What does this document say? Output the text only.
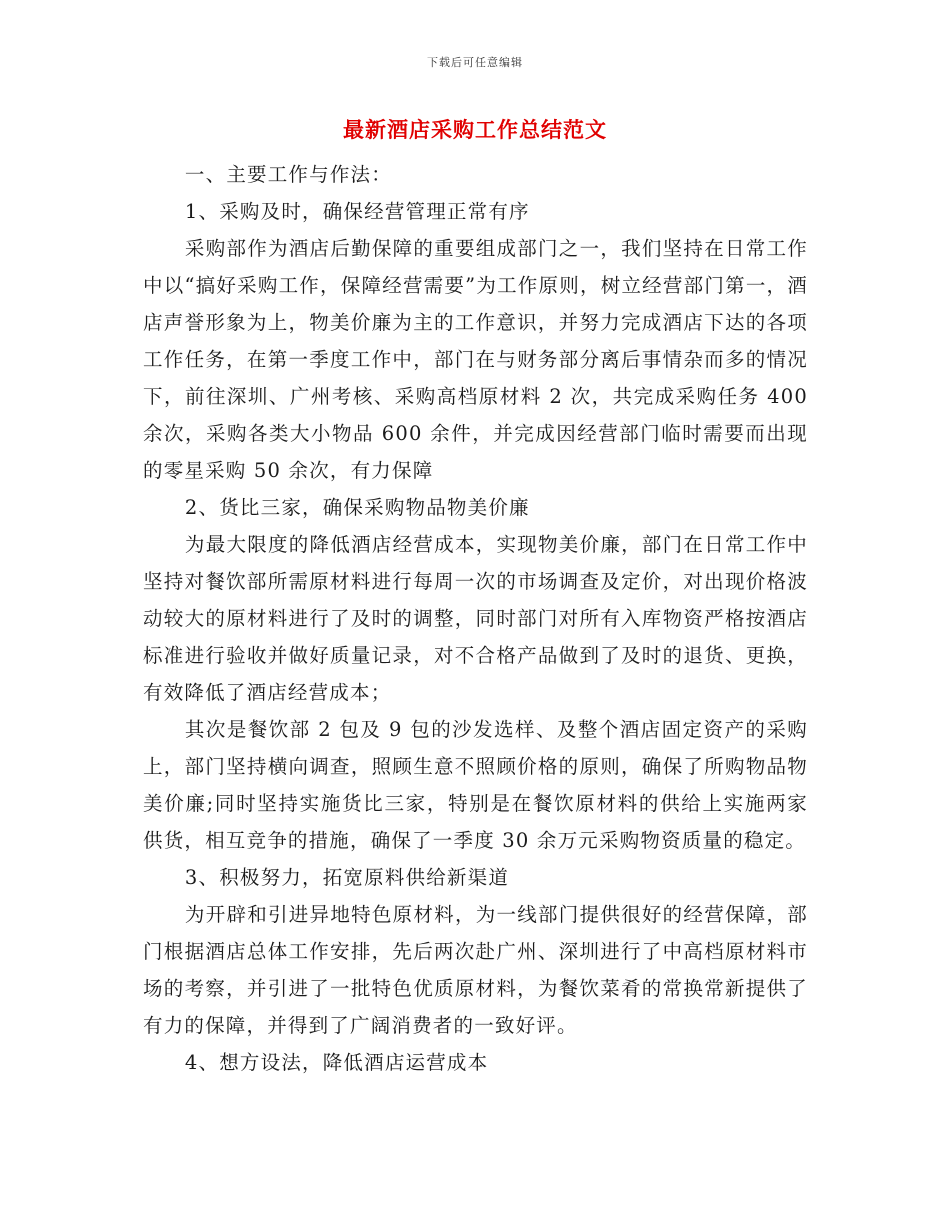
下载后可任意编辑
最新酒店采购工作总结范文

一、主要工作与作法：

1、采购及时，确保经营管理正常有序

采购部作为酒店后勤保障的重要组成部门之一，我们坚持在日常工作中以“搞好采购工作，保障经营需要”为工作原则，树立经营部门第一，酒店声誉形象为上，物美价廉为主的工作意识，并努力完成酒店下达的各项工作任务，在第一季度工作中，部门在与财务部分离后事情杂而多的情况下，前往深圳、广州考核、采购高档原材料 2 次，共完成采购任务 400 余次，采购各类大小物品 600 余件，并完成因经营部门临时需要而出现的零星采购 50 余次，有力保障

2、货比三家，确保采购物品物美价廉

为最大限度的降低酒店经营成本，实现物美价廉，部门在日常工作中坚持对餐饮部所需原材料进行每周一次的市场调查及定价，对出现价格波动较大的原材料进行了及时的调整，同时部门对所有入库物资严格按酒店标准进行验收并做好质量记录，对不合格产品做到了及时的退货、更换，有效降低了酒店经营成本；

其次是餐饮部 2 包及 9 包的沙发选样、及整个酒店固定资产的采购上，部门坚持横向调查，照顾生意不照顾价格的原则，确保了所购物品物美价廉;同时坚持实施货比三家，特别是在餐饮原材料的供给上实施两家供货，相互竞争的措施，确保了一季度 30 余万元采购物资质量的稳定。

3、积极努力，拓宽原料供给新渠道

为开辟和引进异地特色原材料，为一线部门提供很好的经营保障，部门根据酒店总体工作安排，先后两次赴广州、深圳进行了中高档原材料市场的考察，并引进了一批特色优质原材料，为餐饮菜肴的常换常新提供了有力的保障，并得到了广阔消费者的一致好评。

4、想方设法，降低酒店运营成本
